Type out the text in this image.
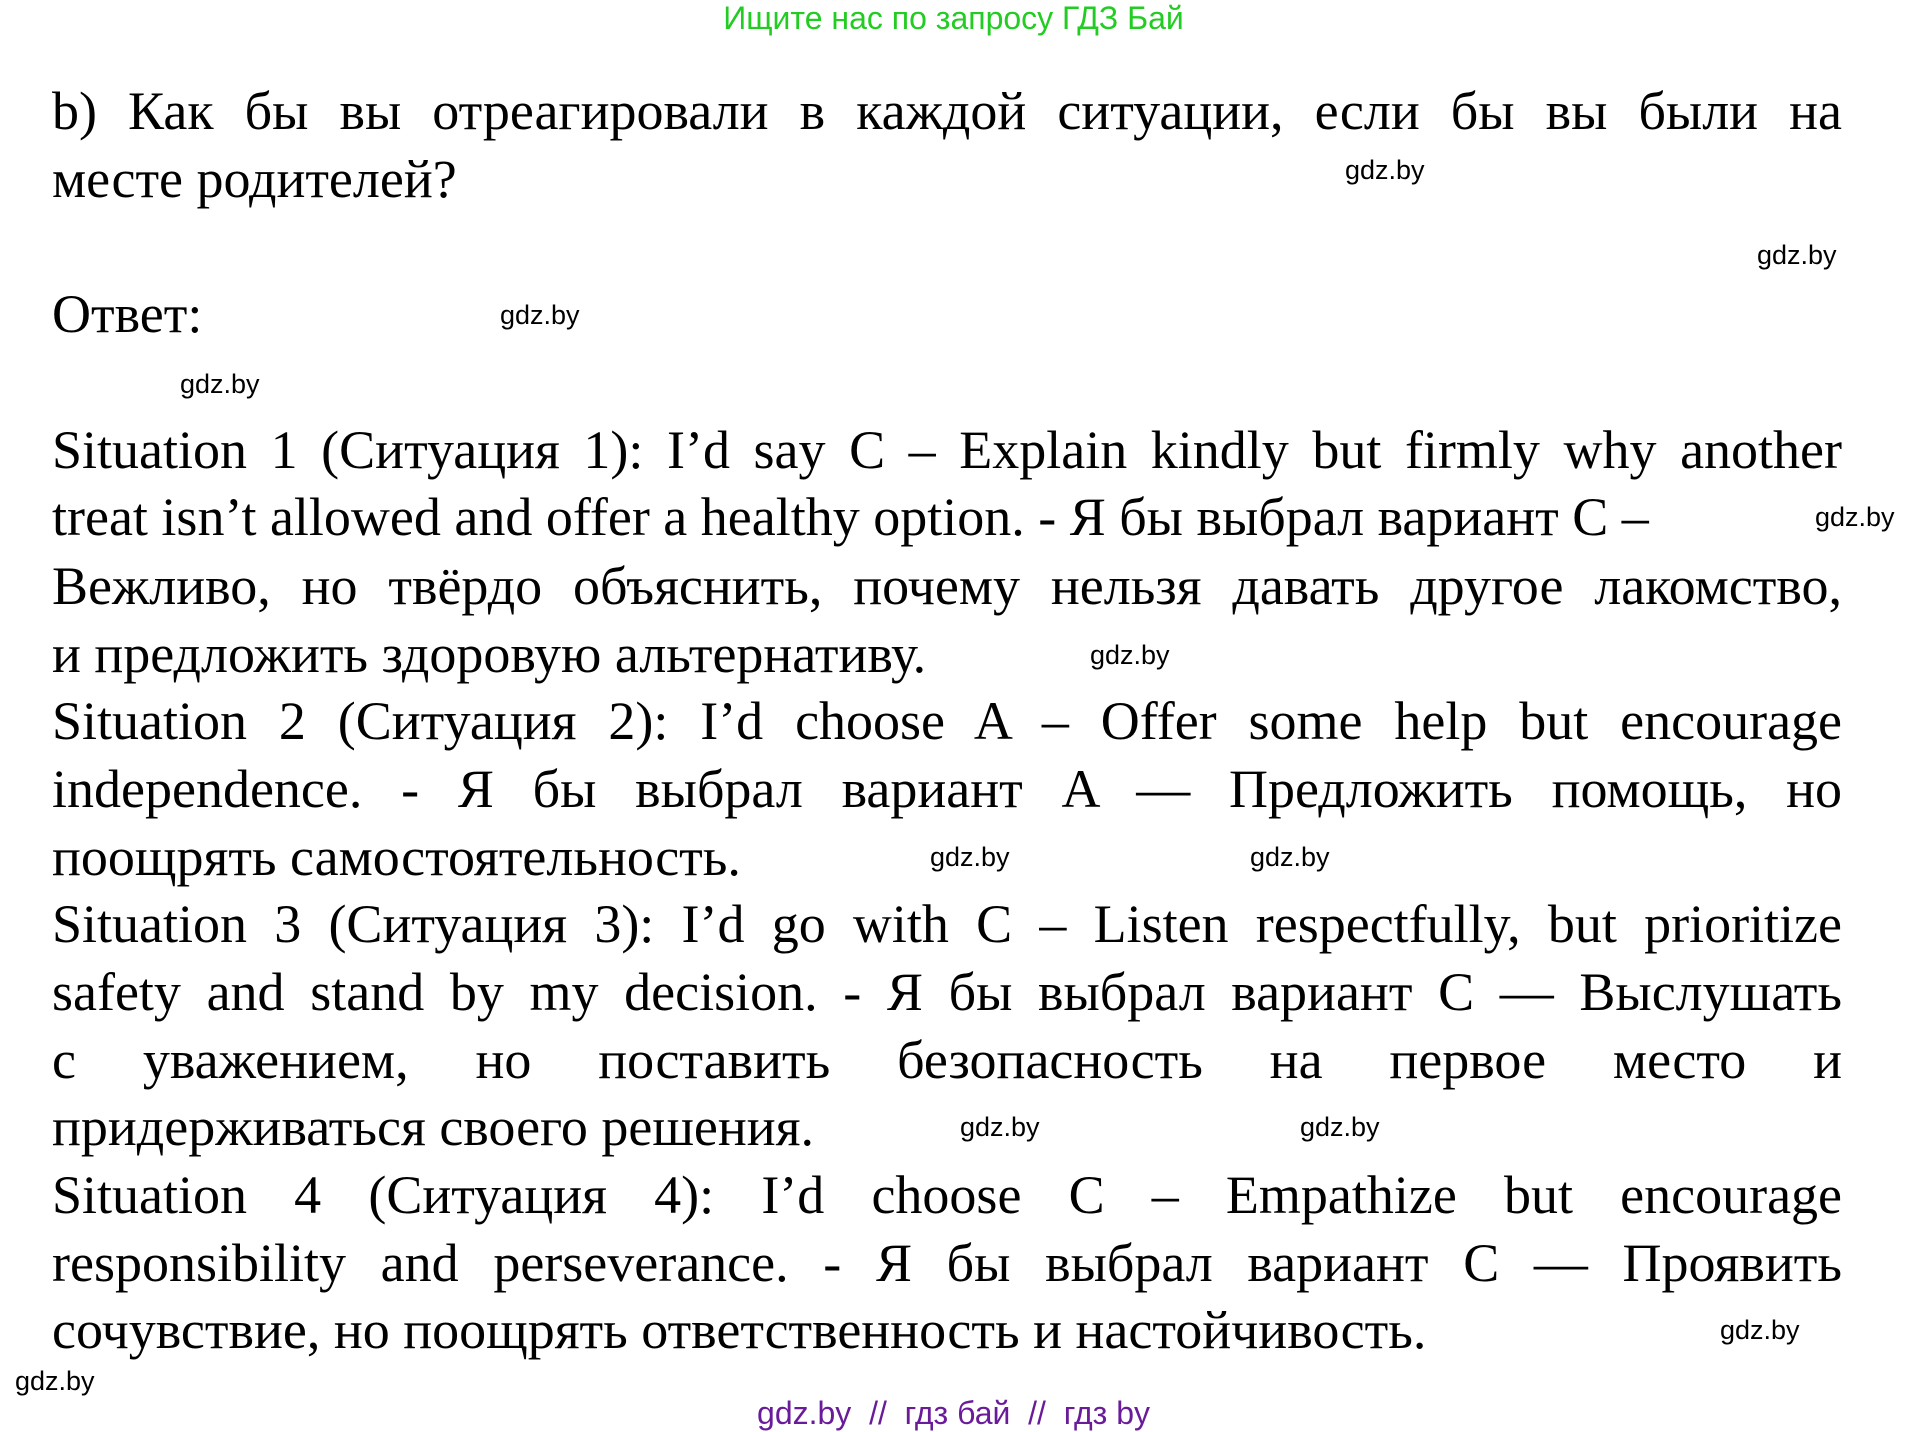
Ищите нас по запросу ГДЗ Бай
b) Как бы вы отреагировали в каждой ситуации, если бы вы были на
месте родителей?
Ответ:
Situation 1 (Ситуация 1): I’d say C – Explain kindly but firmly why another
treat isn’t allowed and offer a healthy option. - Я бы выбрал вариант C –
Вежливо, но твёрдо объяснить, почему нельзя давать другое лакомство,
и предложить здоровую альтернативу.
Situation 2 (Ситуация 2): I’d choose A – Offer some help but encourage
independence. - Я бы выбрал вариант A — Предложить помощь, но
поощрять самостоятельность.
Situation 3 (Ситуация 3): I’d go with C – Listen respectfully, but prioritize
safety and stand by my decision. - Я бы выбрал вариант C — Выслушать
с уважением, но поставить безопасность на первое место и
придерживаться своего решения.
Situation 4 (Ситуация 4): I’d choose C – Empathize but encourage
responsibility and perseverance. - Я бы выбрал вариант C — Проявить
сочувствие, но поощрять ответственность и настойчивость.
gdz.by
gdz.by
gdz.by
gdz.by
gdz.by
gdz.by
gdz.by	gdz.by
gdz.by	gdz.by
gdz.by
gdz.by
gdz.by  //  гдз бай  //  гдз by
